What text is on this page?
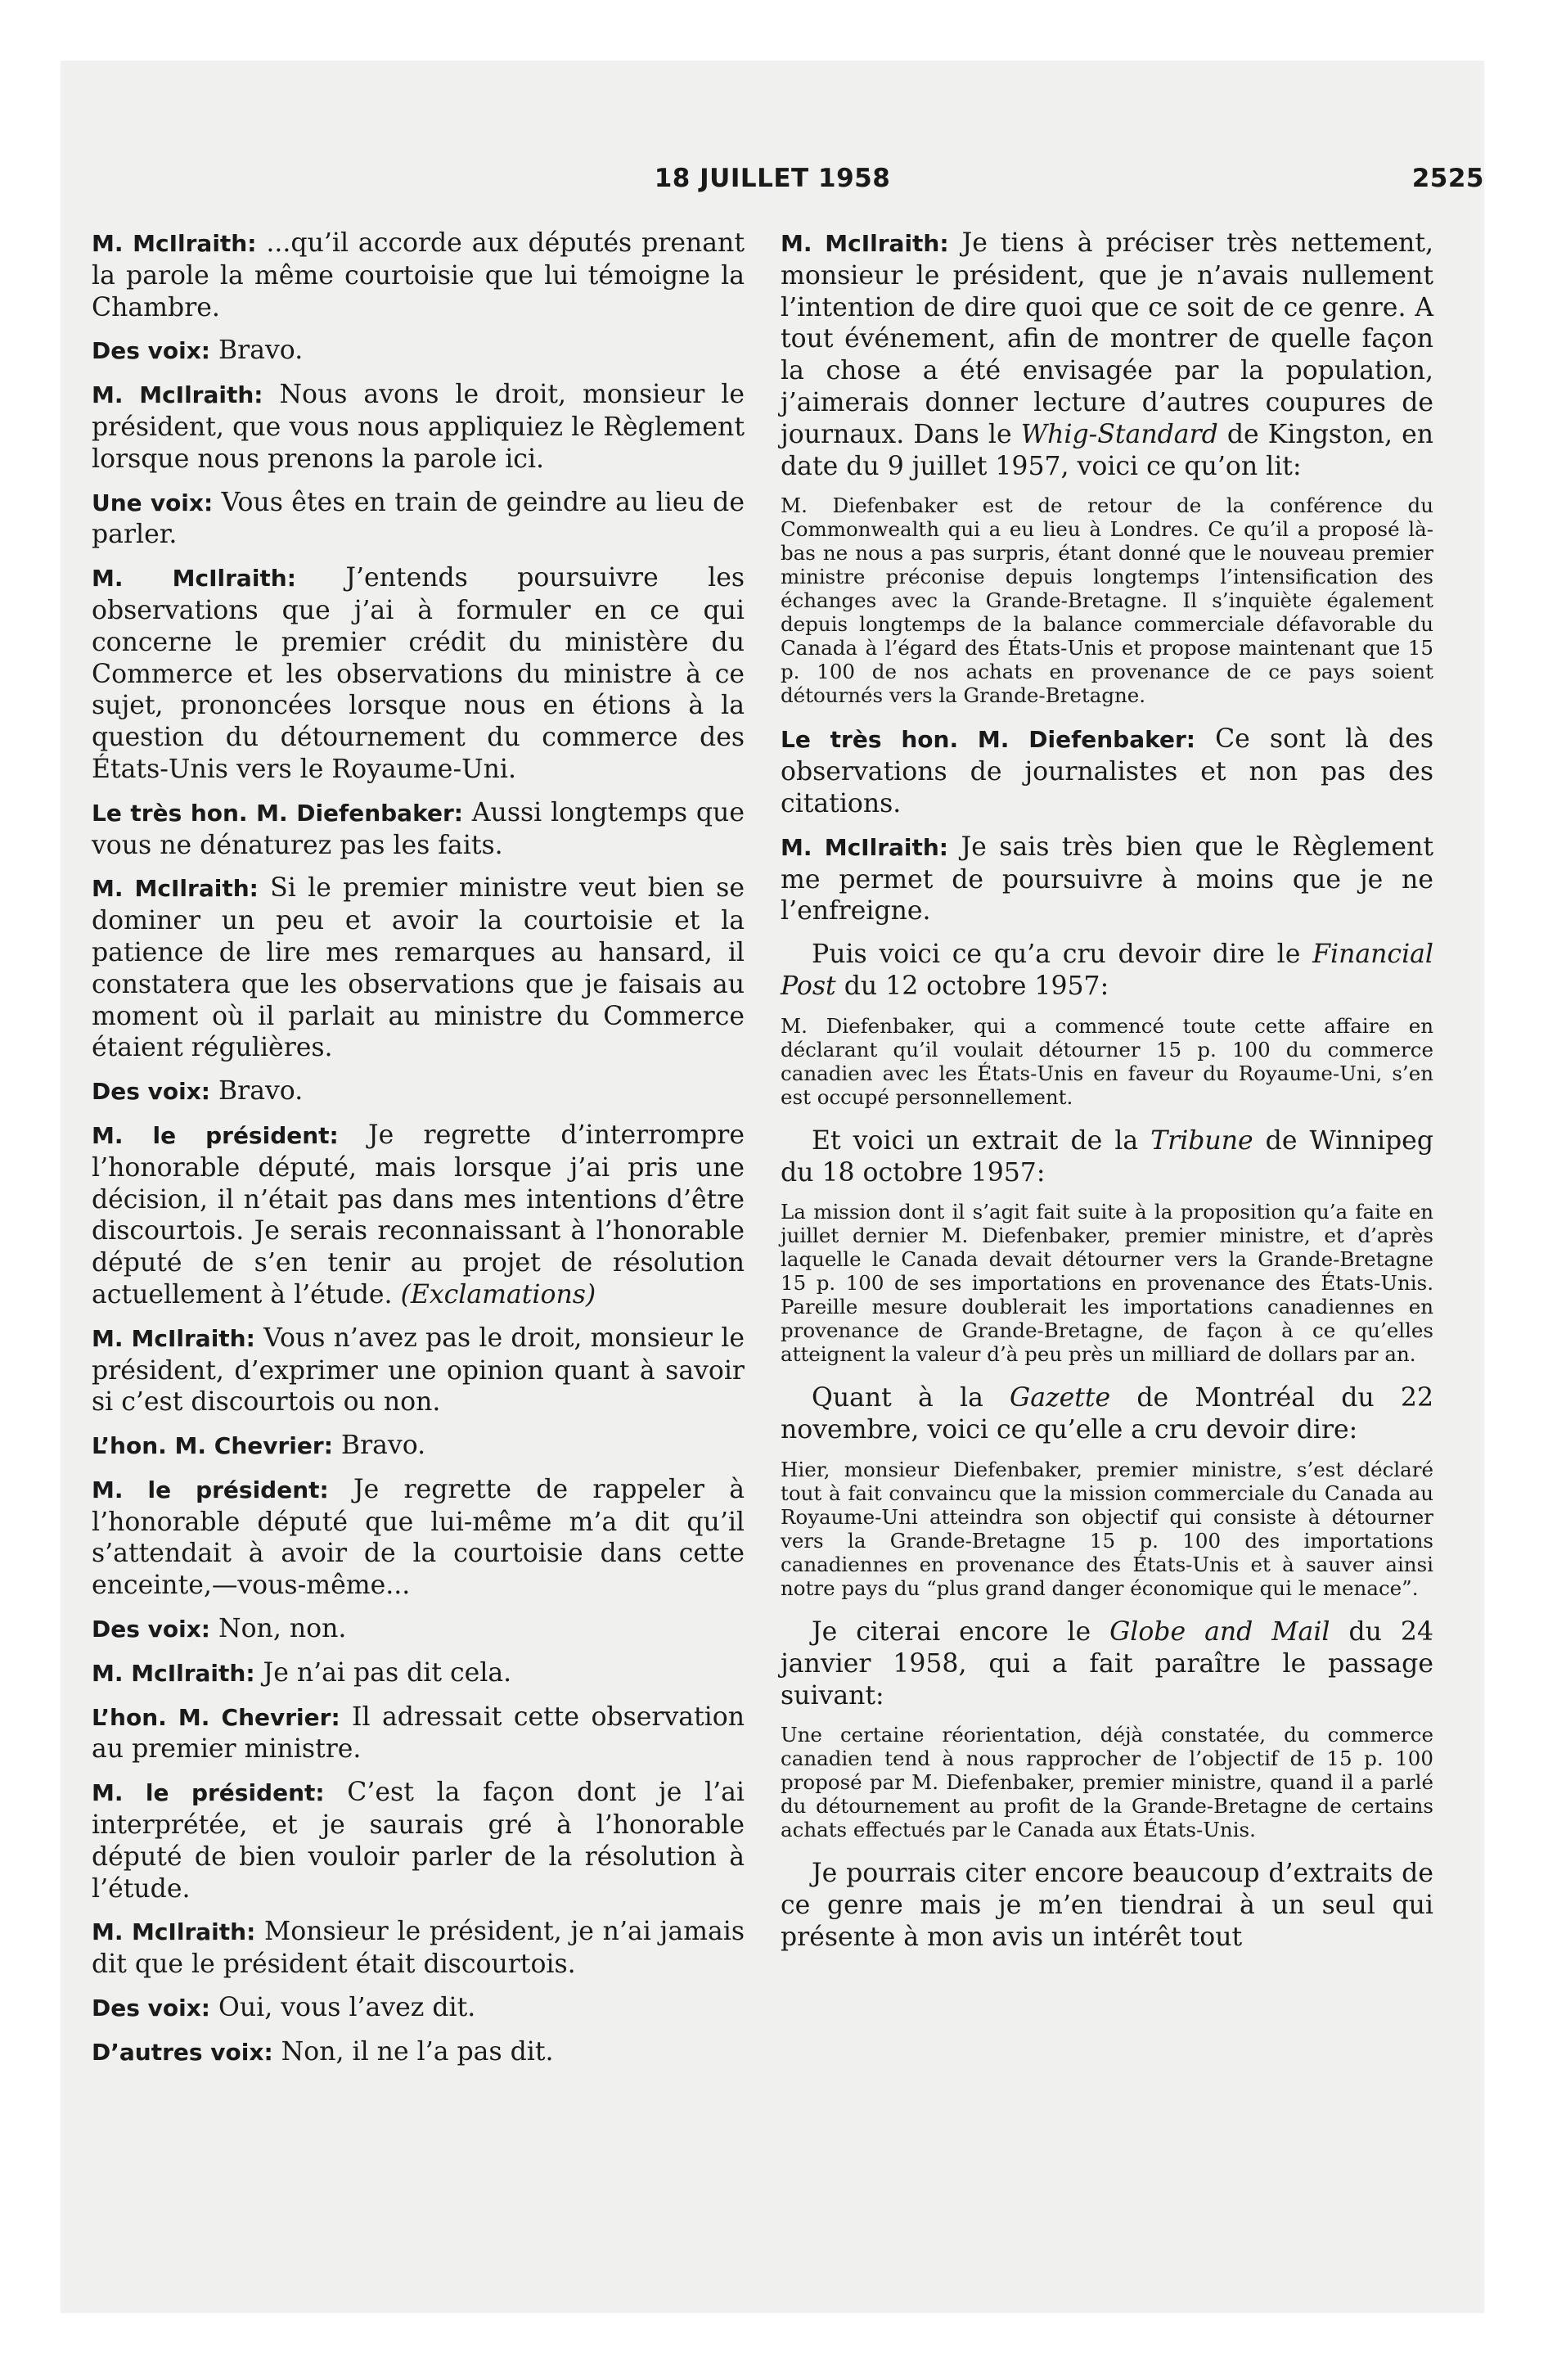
18 JUILLET 1958	2525

M. McIlraith: ...qu’il accorde aux députés prenant la parole la même courtoisie que lui témoigne la Chambre.

Des voix: Bravo.

M. McIlraith: Nous avons le droit, monsieur le président, que vous nous appliquiez le Règlement lorsque nous prenons la parole ici.

Une voix: Vous êtes en train de geindre au lieu de parler.

M. McIlraith: J’entends poursuivre les observations que j’ai à formuler en ce qui concerne le premier crédit du ministère du Commerce et les observations du ministre à ce sujet, prononcées lorsque nous en étions à la question du détournement du commerce des États-Unis vers le Royaume-Uni.

Le très hon. M. Diefenbaker: Aussi longtemps que vous ne dénaturez pas les faits.

M. McIlraith: Si le premier ministre veut bien se dominer un peu et avoir la courtoisie et la patience de lire mes remarques au hansard, il constatera que les observations que je faisais au moment où il parlait au ministre du Commerce étaient régulières.

Des voix: Bravo.

M. le président: Je regrette d’interrompre l’honorable député, mais lorsque j’ai pris une décision, il n’était pas dans mes intentions d’être discourtois. Je serais reconnaissant à l’honorable député de s’en tenir au projet de résolution actuellement à l’étude. (Exclamations)

M. McIlraith: Vous n’avez pas le droit, monsieur le président, d’exprimer une opinion quant à savoir si c’est discourtois ou non.

L’hon. M. Chevrier: Bravo.

M. le président: Je regrette de rappeler à l’honorable député que lui-même m’a dit qu’il s’attendait à avoir de la courtoisie dans cette enceinte,—vous-même...

Des voix: Non, non.

M. McIlraith: Je n’ai pas dit cela.

L’hon. M. Chevrier: Il adressait cette observation au premier ministre.

M. le président: C’est la façon dont je l’ai interprétée, et je saurais gré à l’honorable député de bien vouloir parler de la résolution à l’étude.

M. McIlraith: Monsieur le président, je n’ai jamais dit que le président était discourtois.

Des voix: Oui, vous l’avez dit.

D’autres voix: Non, il ne l’a pas dit.

M. McIlraith: Je tiens à préciser très nettement, monsieur le président, que je n’avais nullement l’intention de dire quoi que ce soit de ce genre. A tout événement, afin de montrer de quelle façon la chose a été envisagée par la population, j’aimerais donner lecture d’autres coupures de journaux. Dans le Whig-Standard de Kingston, en date du 9 juillet 1957, voici ce qu’on lit:

M. Diefenbaker est de retour de la conférence du Commonwealth qui a eu lieu à Londres. Ce qu’il a proposé là-bas ne nous a pas surpris, étant donné que le nouveau premier ministre préconise depuis longtemps l’intensification des échanges avec la Grande-Bretagne. Il s’inquiète également depuis longtemps de la balance commerciale défavorable du Canada à l’égard des États-Unis et propose maintenant que 15 p. 100 de nos achats en provenance de ce pays soient détournés vers la Grande-Bretagne.

Le très hon. M. Diefenbaker: Ce sont là des observations de journalistes et non pas des citations.

M. McIlraith: Je sais très bien que le Règlement me permet de poursuivre à moins que je ne l’enfreigne.

Puis voici ce qu’a cru devoir dire le Financial Post du 12 octobre 1957:

M. Diefenbaker, qui a commencé toute cette affaire en déclarant qu’il voulait détourner 15 p. 100 du commerce canadien avec les États-Unis en faveur du Royaume-Uni, s’en est occupé personnellement.

Et voici un extrait de la Tribune de Winnipeg du 18 octobre 1957:

La mission dont il s’agit fait suite à la proposition qu’a faite en juillet dernier M. Diefenbaker, premier ministre, et d’après laquelle le Canada devait détourner vers la Grande-Bretagne 15 p. 100 de ses importations en provenance des États-Unis. Pareille mesure doublerait les importations canadiennes en provenance de Grande-Bretagne, de façon à ce qu’elles atteignent la valeur d’à peu près un milliard de dollars par an.

Quant à la Gazette de Montréal du 22 novembre, voici ce qu’elle a cru devoir dire:

Hier, monsieur Diefenbaker, premier ministre, s’est déclaré tout à fait convaincu que la mission commerciale du Canada au Royaume-Uni atteindra son objectif qui consiste à détourner vers la Grande-Bretagne 15 p. 100 des importations canadiennes en provenance des États-Unis et à sauver ainsi notre pays du “plus grand danger économique qui le menace”.

Je citerai encore le Globe and Mail du 24 janvier 1958, qui a fait paraître le passage suivant:

Une certaine réorientation, déjà constatée, du commerce canadien tend à nous rapprocher de l’objectif de 15 p. 100 proposé par M. Diefenbaker, premier ministre, quand il a parlé du détournement au profit de la Grande-Bretagne de certains achats effectués par le Canada aux États-Unis.

Je pourrais citer encore beaucoup d’extraits de ce genre mais je m’en tiendrai à un seul qui présente à mon avis un intérêt tout
